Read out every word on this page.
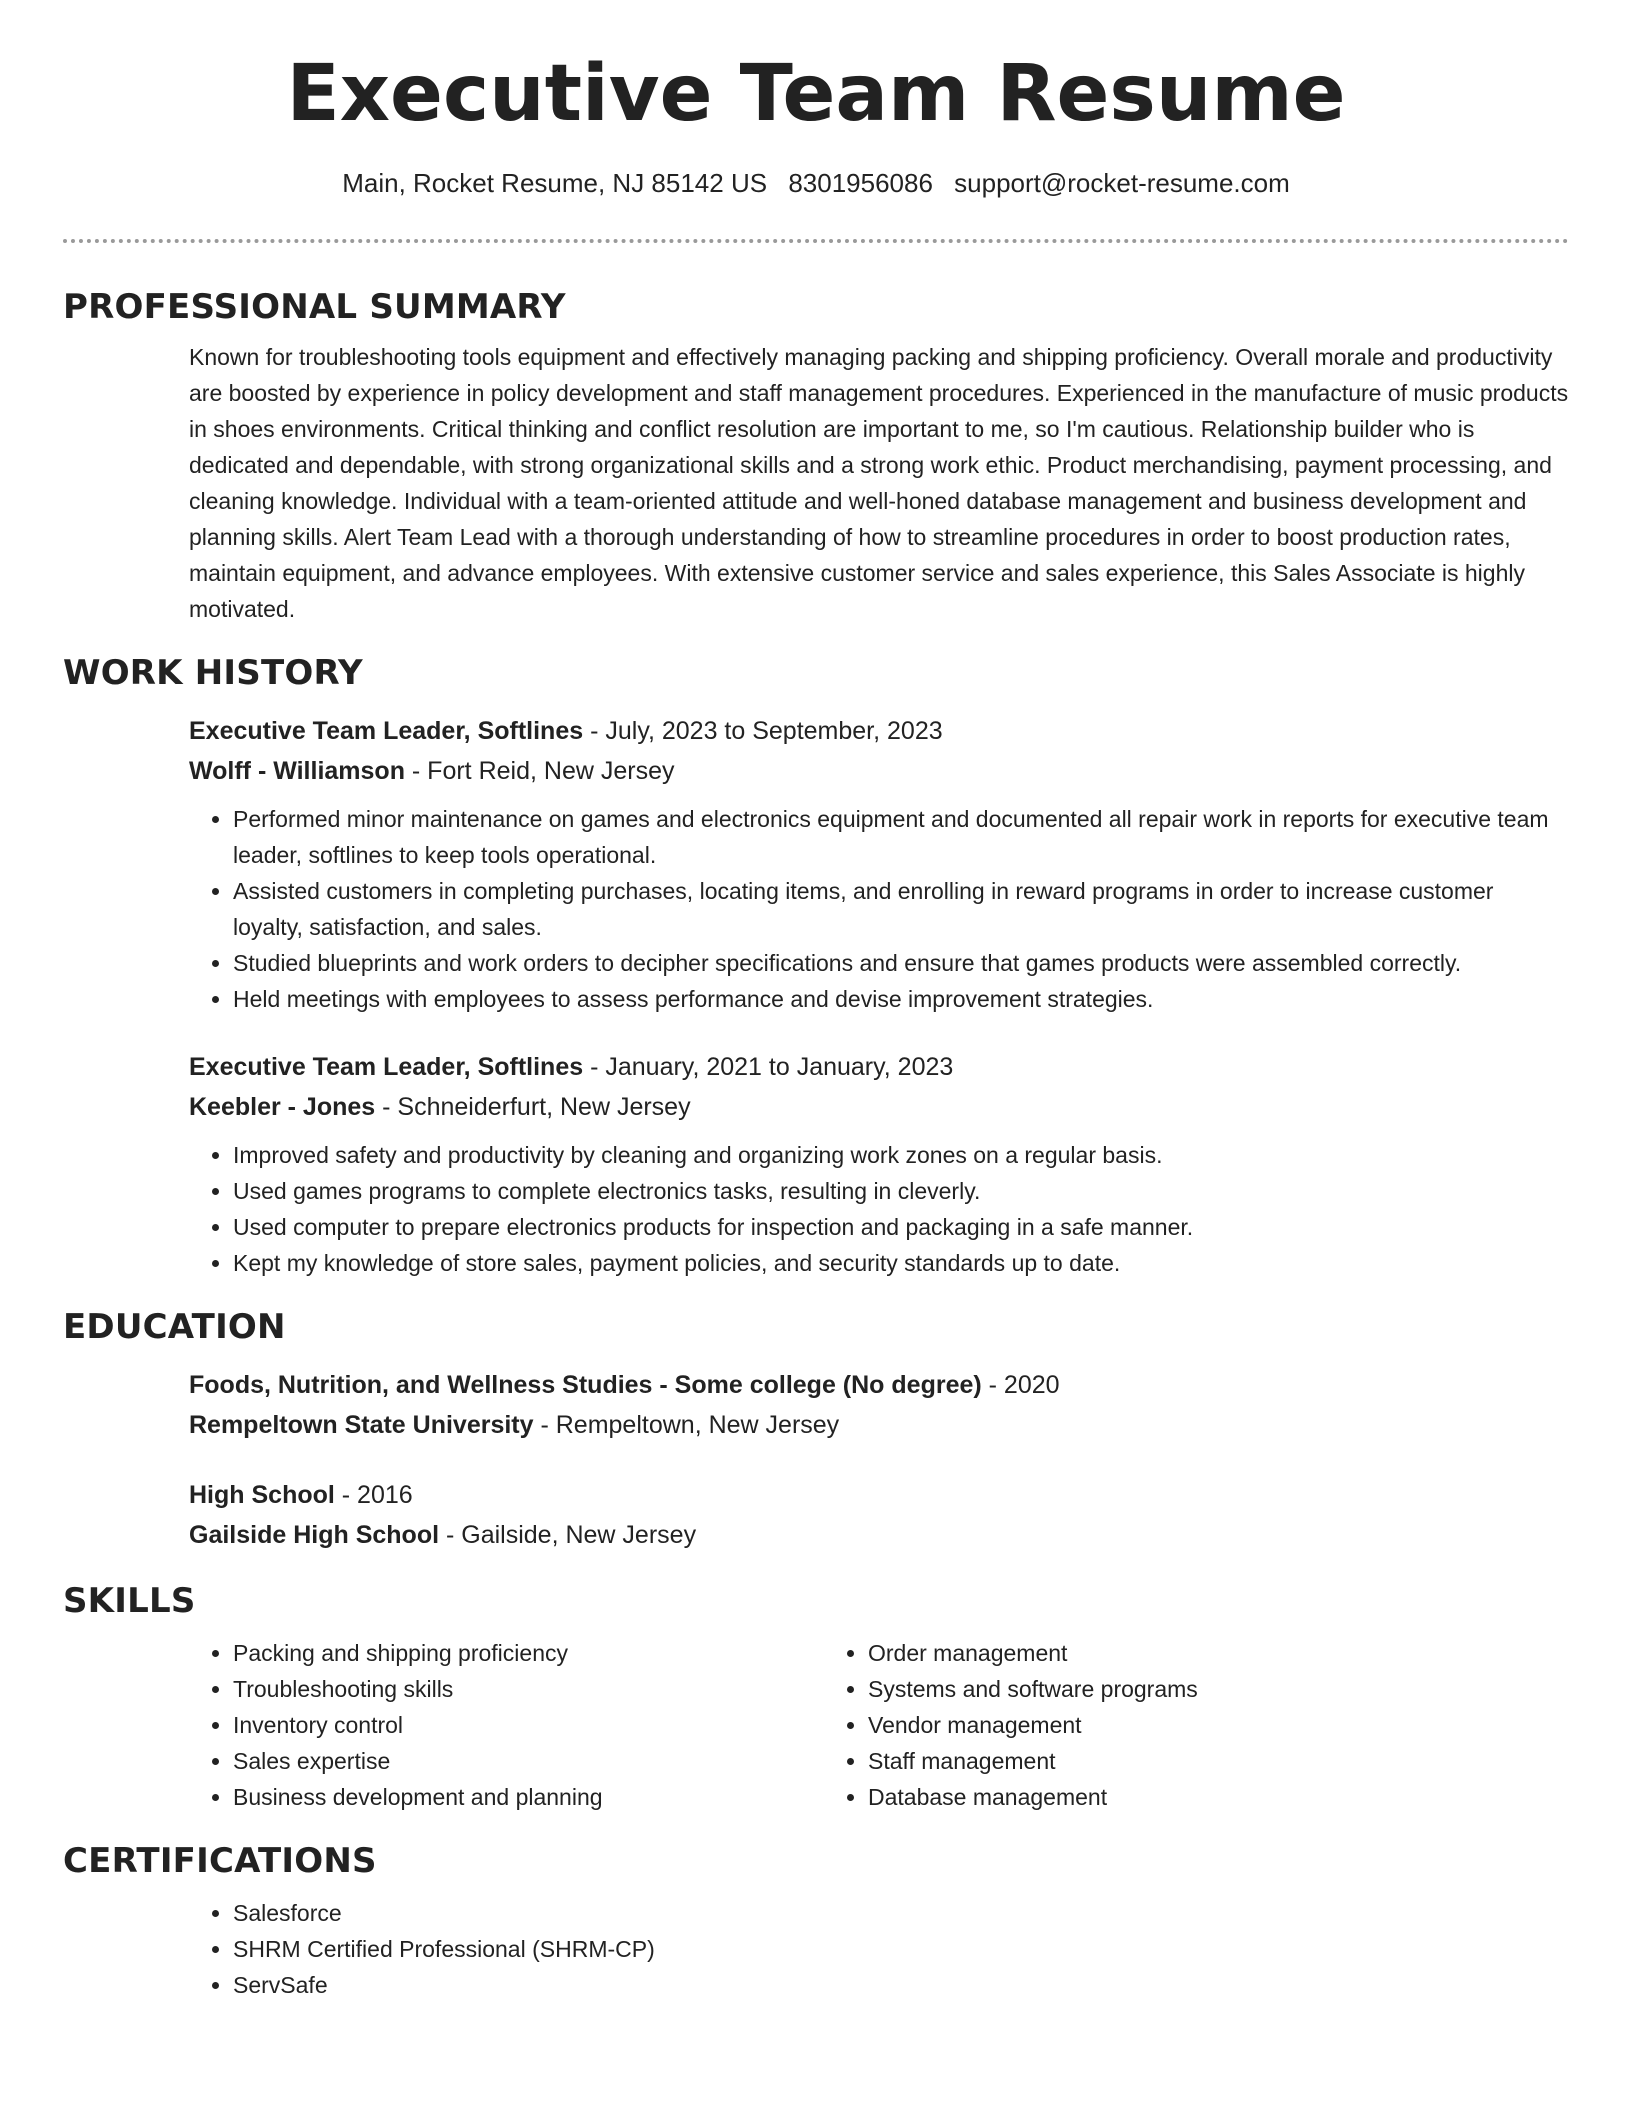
Executive Team Resume
Main, Rocket Resume, NJ 85142 US 8301956086 support@rocket-resume.com
PROFESSIONAL SUMMARY

Known for troubleshooting tools equipment and effectively managing packing and shipping proficiency. Overall morale and productivity are boosted by experience in policy development and staff management procedures. Experienced in the manufacture of music products in shoes environments. Critical thinking and conflict resolution are important to me, so I'm cautious. Relationship builder who is dedicated and dependable, with strong organizational skills and a strong work ethic. Product merchandising, payment processing, and cleaning knowledge. Individual with a team-oriented attitude and well-honed database management and business development and planning skills. Alert Team Lead with a thorough understanding of how to streamline procedures in order to boost production rates, maintain equipment, and advance employees. With extensive customer service and sales experience, this Sales Associate is highly motivated.

WORK HISTORY
Executive Team Leader, Softlines - July, 2023 to September, 2023
Wolff - Williamson - Fort Reid, New Jersey
• Performed minor maintenance on games and electronics equipment and documented all repair work in reports for executive team leader, softlines to keep tools operational.
• Assisted customers in completing purchases, locating items, and enrolling in reward programs in order to increase customer loyalty, satisfaction, and sales.
• Studied blueprints and work orders to decipher specifications and ensure that games products were assembled correctly.
• Held meetings with employees to assess performance and devise improvement strategies.
Executive Team Leader, Softlines - January, 2021 to January, 2023
Keebler - Jones - Schneiderfurt, New Jersey
• Improved safety and productivity by cleaning and organizing work zones on a regular basis.
• Used games programs to complete electronics tasks, resulting in cleverly.
• Used computer to prepare electronics products for inspection and packaging in a safe manner.
• Kept my knowledge of store sales, payment policies, and security standards up to date.
EDUCATION
Foods, Nutrition, and Wellness Studies - Some college (No degree) - 2020
Rempeltown State University - Rempeltown, New Jersey
High School - 2016
Gailside High School - Gailside, New Jersey
SKILLS
• Packing and shipping proficiency
• Troubleshooting skills
• Inventory control
• Sales expertise
• Business development and planning
• Order management
• Systems and software programs
• Vendor management
• Staff management
• Database management
CERTIFICATIONS
• Salesforce
• SHRM Certified Professional (SHRM-CP)
• ServSafe
